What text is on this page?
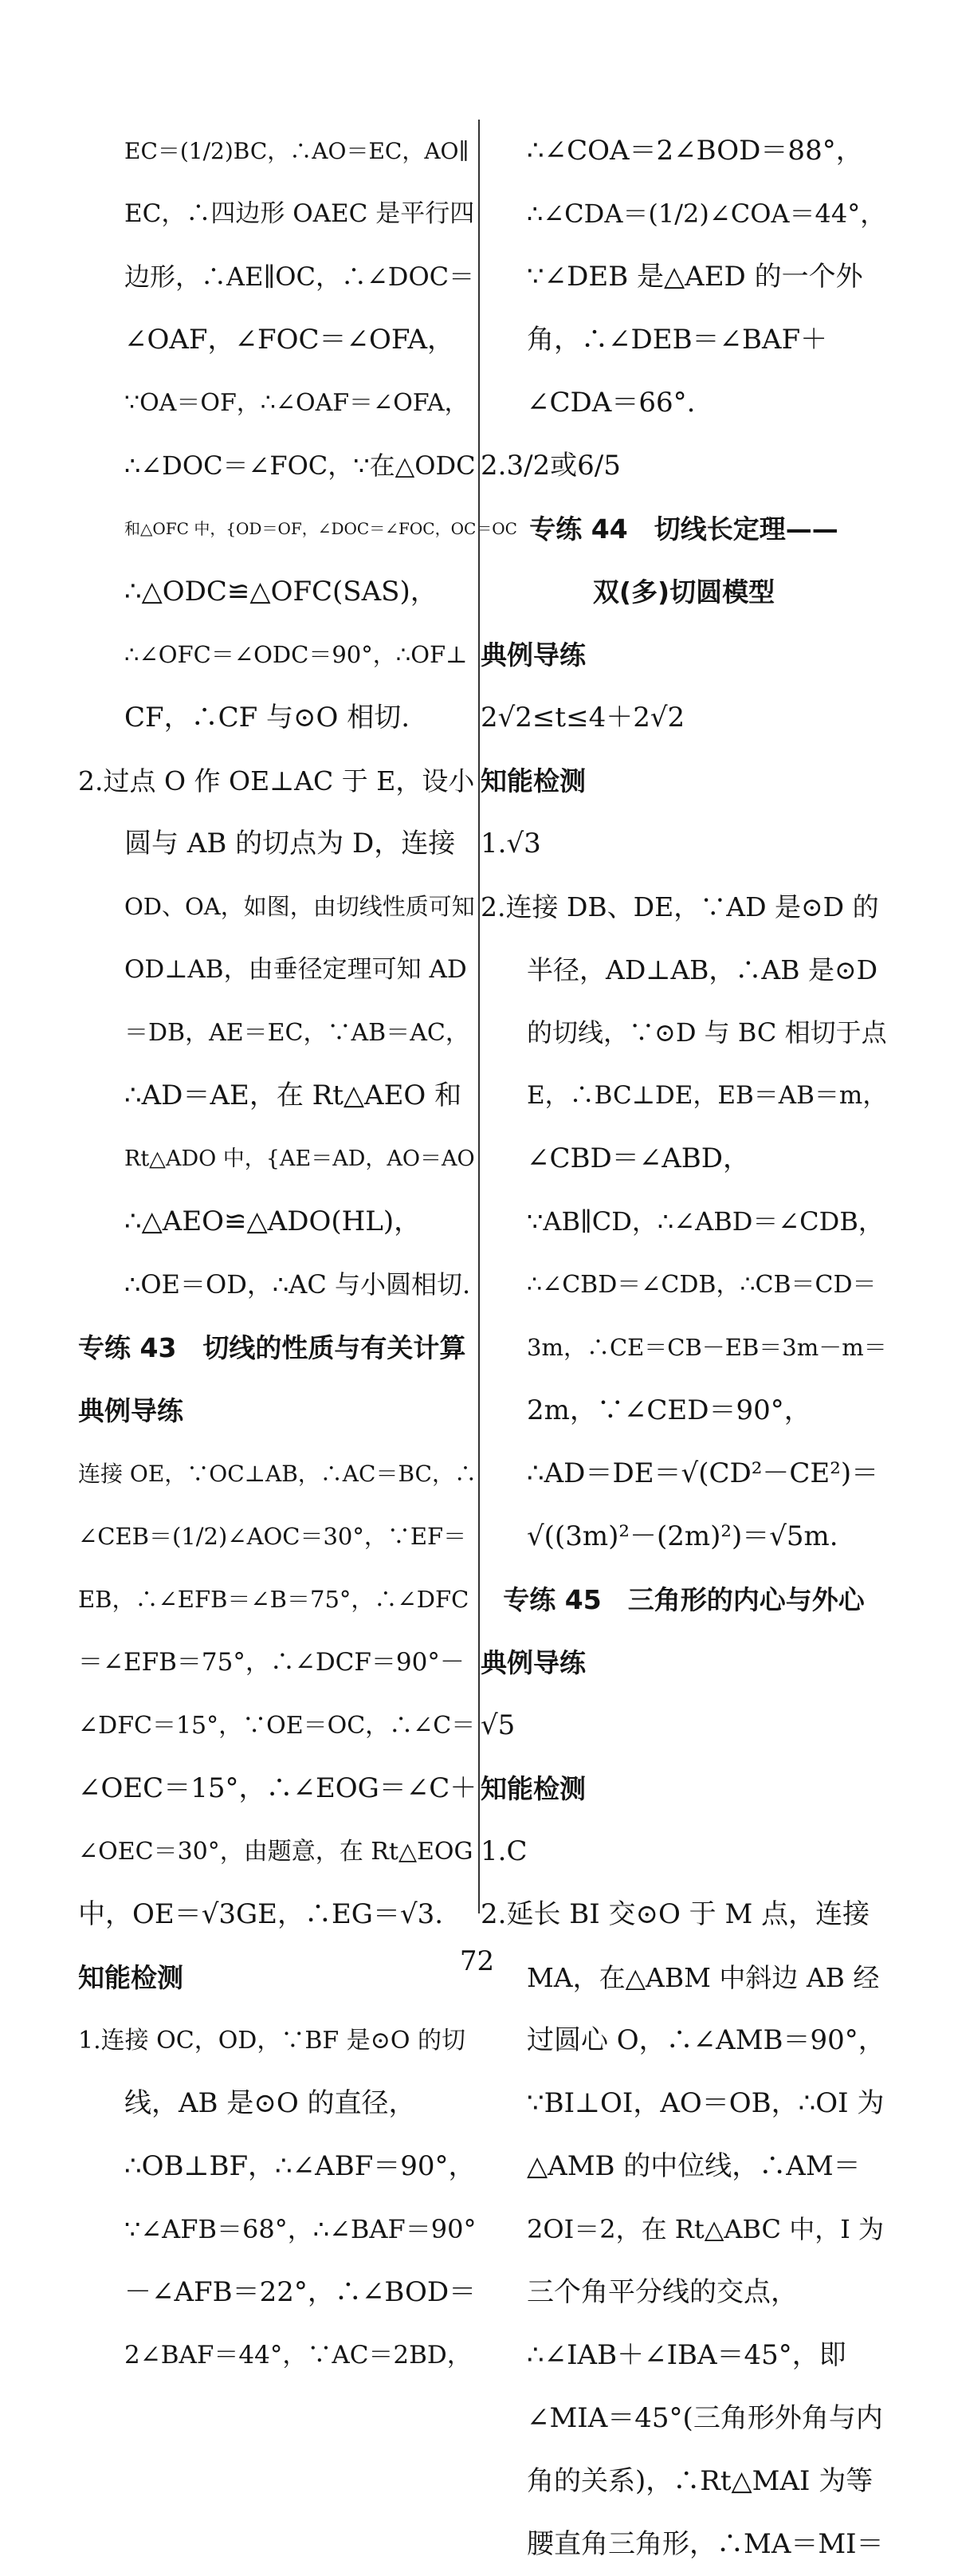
EC＝(1/2)BC，∴AO＝EC，AO∥
EC，∴四边形 OAEC 是平行四
边形，∴AE∥OC，∴∠DOC＝
∠OAF，∠FOC＝∠OFA，
∵OA＝OF，∴∠OAF＝∠OFA，
∴∠DOC＝∠FOC，∵在△ODC
和△OFC 中，{OD＝OF，∠DOC＝∠FOC，OC＝OC
∴△ODC≌△OFC(SAS)，
∴∠OFC＝∠ODC＝90°，∴OF⊥
CF，∴CF 与⊙O 相切.
2.过点 O 作 OE⊥AC 于 E，设小
圆与 AB 的切点为 D，连接
OD、OA，如图，由切线性质可知
OD⊥AB，由垂径定理可知 AD
＝DB，AE＝EC，∵AB＝AC，
∴AD＝AE，在 Rt△AEO 和
Rt△ADO 中，{AE＝AD，AO＝AO
∴△AEO≌△ADO(HL)，
∴OE＝OD，∴AC 与小圆相切.
专练 43　切线的性质与有关计算
典例导练
连接 OE，∵OC⊥AB，∴AC＝BC，∴
∠CEB＝(1/2)∠AOC＝30°，∵EF＝
EB，∴∠EFB＝∠B＝75°，∴∠DFC
＝∠EFB＝75°，∴∠DCF＝90°－
∠DFC＝15°，∵OE＝OC，∴∠C＝
∠OEC＝15°，∴∠EOG＝∠C＋
∠OEC＝30°，由题意，在 Rt△EOG
中，OE＝√3GE，∴EG＝√3.
知能检测
1.连接 OC，OD，∵BF 是⊙O 的切
线，AB 是⊙O 的直径，
∴OB⊥BF，∴∠ABF＝90°，
∵∠AFB＝68°，∴∠BAF＝90°
－∠AFB＝22°，∴∠BOD＝
2∠BAF＝44°，∵AC＝2BD，
∴∠COA＝2∠BOD＝88°，
∴∠CDA＝(1/2)∠COA＝44°，
∵∠DEB 是△AED 的一个外
角，∴∠DEB＝∠BAF＋
∠CDA＝66°.
2.3/2或6/5
专练 44　切线长定理——
双(多)切圆模型
典例导练
2√2≤t≤4＋2√2
知能检测
1.√3
2.连接 DB、DE，∵AD 是⊙D 的
半径，AD⊥AB，∴AB 是⊙D
的切线，∵⊙D 与 BC 相切于点
E，∴BC⊥DE，EB＝AB＝m，
∠CBD＝∠ABD，
∵AB∥CD，∴∠ABD＝∠CDB，
∴∠CBD＝∠CDB，∴CB＝CD＝
3m，∴CE＝CB－EB＝3m－m＝
2m，∵∠CED＝90°，
∴AD＝DE＝√(CD²－CE²)＝
√((3m)²－(2m)²)＝√5m.
专练 45　三角形的内心与外心
典例导练
√5
知能检测
1.C
2.延长 BI 交⊙O 于 M 点，连接
MA，在△ABM 中斜边 AB 经
过圆心 O，∴∠AMB＝90°，
∵BI⊥OI，AO＝OB，∴OI 为
△AMB 的中位线，∴AM＝
2OI＝2，在 Rt△ABC 中，I 为
三个角平分线的交点，
∴∠IAB＋∠IBA＝45°，即
∠MIA＝45°(三角形外角与内
角的关系)，∴Rt△MAI 为等
腰直角三角形，∴MA＝MI＝
72
